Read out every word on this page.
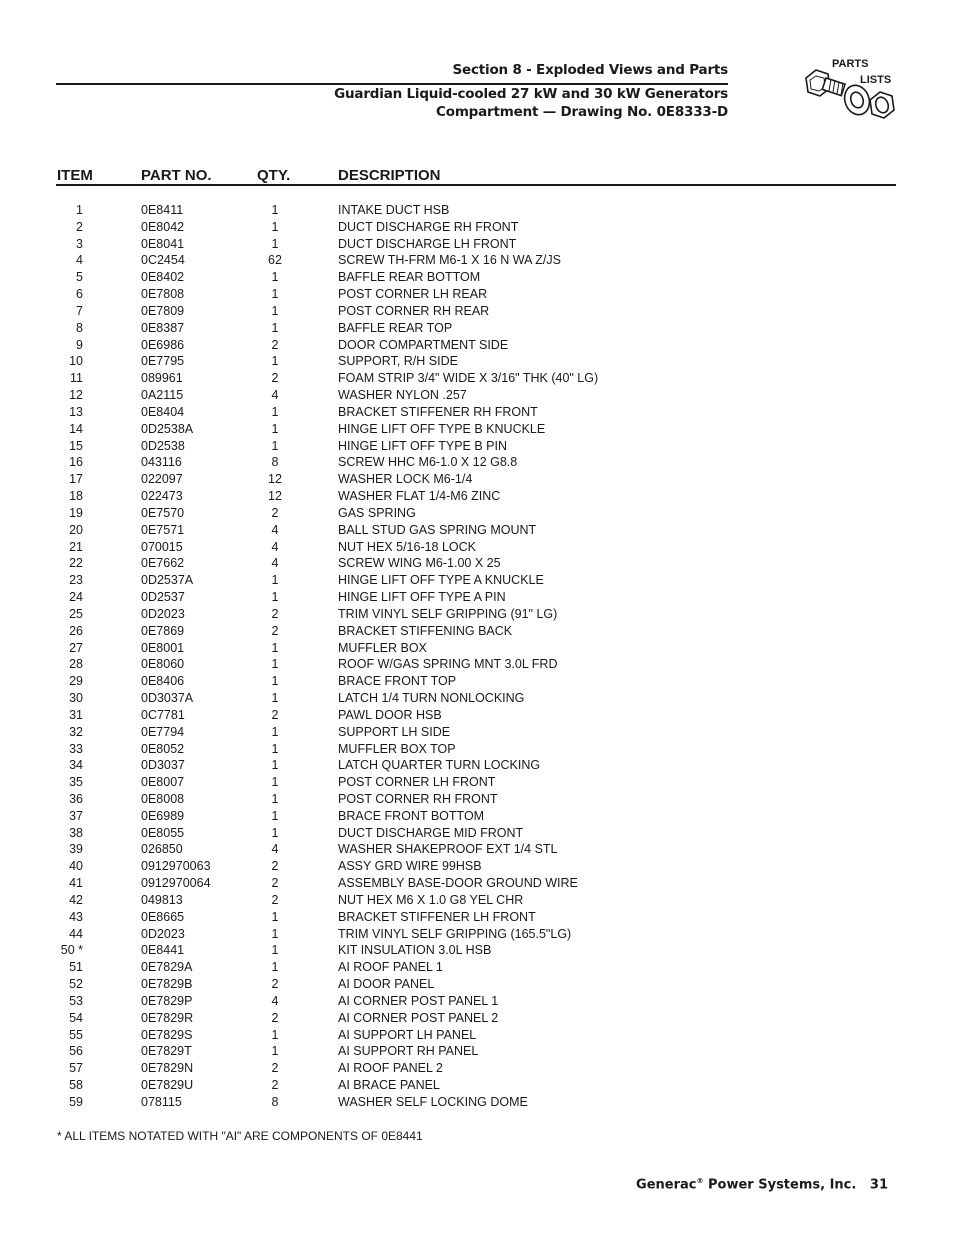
Section 8 - Exploded Views and Parts
Guardian Liquid-cooled 27 kW and 30 kW Generators
Compartment — Drawing No. 0E8333-D
PARTS
LISTS
ITEM	PART NO.	QTY.	DESCRIPTION
1	0E8411	1	INTAKE DUCT HSB
2	0E8042	1	DUCT DISCHARGE RH FRONT
3	0E8041	1	DUCT DISCHARGE LH FRONT
4	0C2454	62	SCREW TH-FRM M6-1 X 16 N WA Z/JS
5	0E8402	1	BAFFLE REAR BOTTOM
6	0E7808	1	POST CORNER LH REAR
7	0E7809	1	POST CORNER RH REAR
8	0E8387	1	BAFFLE REAR TOP
9	0E6986	2	DOOR COMPARTMENT SIDE
10	0E7795	1	SUPPORT, R/H SIDE
11	089961	2	FOAM STRIP 3/4" WIDE X 3/16" THK (40" LG)
12	0A2115	4	WASHER NYLON .257
13	0E8404	1	BRACKET STIFFENER RH FRONT
14	0D2538A	1	HINGE LIFT OFF TYPE B KNUCKLE
15	0D2538	1	HINGE LIFT OFF TYPE B PIN
16	043116	8	SCREW HHC M6-1.0 X 12 G8.8
17	022097	12	WASHER LOCK M6-1/4
18	022473	12	WASHER FLAT 1/4-M6 ZINC
19	0E7570	2	GAS SPRING
20	0E7571	4	BALL STUD GAS SPRING MOUNT
21	070015	4	NUT HEX 5/16-18 LOCK
22	0E7662	4	SCREW WING M6-1.00 X 25
23	0D2537A	1	HINGE LIFT OFF TYPE A KNUCKLE
24	0D2537	1	HINGE LIFT OFF TYPE A PIN
25	0D2023	2	TRIM VINYL SELF GRIPPING (91" LG)
26	0E7869	2	BRACKET STIFFENING BACK
27	0E8001	1	MUFFLER BOX
28	0E8060	1	ROOF W/GAS SPRING MNT 3.0L FRD
29	0E8406	1	BRACE FRONT TOP
30	0D3037A	1	LATCH 1/4 TURN NONLOCKING
31	0C7781	2	PAWL DOOR HSB
32	0E7794	1	SUPPORT LH SIDE
33	0E8052	1	MUFFLER BOX TOP
34	0D3037	1	LATCH QUARTER TURN LOCKING
35	0E8007	1	POST CORNER LH FRONT
36	0E8008	1	POST CORNER RH FRONT
37	0E6989	1	BRACE FRONT BOTTOM
38	0E8055	1	DUCT DISCHARGE MID FRONT
39	026850	4	WASHER SHAKEPROOF EXT 1/4 STL
40	0912970063	2	ASSY GRD WIRE 99HSB
41	0912970064	2	ASSEMBLY BASE-DOOR GROUND WIRE
42	049813	2	NUT HEX M6 X 1.0 G8 YEL CHR
43	0E8665	1	BRACKET STIFFENER LH FRONT
44	0D2023	1	TRIM VINYL SELF GRIPPING (165.5"LG)
50 *	0E8441	1	KIT INSULATION 3.0L HSB
51	0E7829A	1	AI ROOF PANEL 1
52	0E7829B	2	AI DOOR PANEL
53	0E7829P	4	AI CORNER POST PANEL 1
54	0E7829R	2	AI CORNER POST PANEL 2
55	0E7829S	1	AI SUPPORT LH PANEL
56	0E7829T	1	AI SUPPORT RH PANEL
57	0E7829N	2	AI ROOF PANEL 2
58	0E7829U	2	AI BRACE PANEL
59	078115	8	WASHER SELF LOCKING DOME
* ALL ITEMS NOTATED WITH "AI" ARE COMPONENTS OF 0E8441
Generac® Power Systems, Inc. 31
